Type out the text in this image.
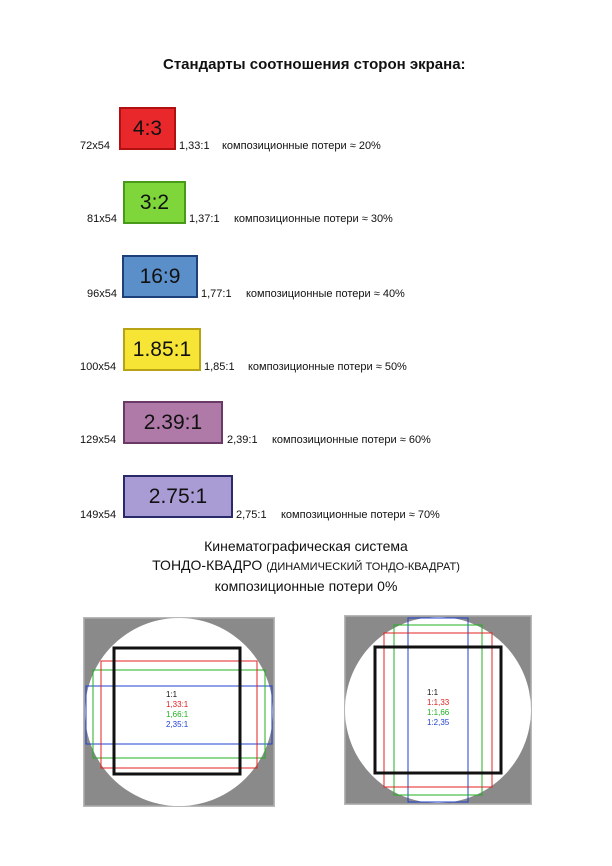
Стандарты соотношения сторон экрана:
72x54
4:3
1,33:1 композиционные потери ≈ 20%
81x54
3:2
1,37:1 композиционные потери ≈ 30%
96x54
16:9
1,77:1 композиционные потери ≈ 40%
100x54
1.85:1
1,85:1 композиционные потери ≈ 50%
129x54
2.39:1
2,39:1 композиционные потери ≈ 60%
149x54
2.75:1
2,75:1 композиционные потери ≈ 70%
Кинематографическая система
ТОНДО-КВАДРО (ДИНАМИЧЕСКИЙ ТОНДО-КВАДРАТ)
композиционные потери 0%
1:1
1,33:1
1,66:1
2,35:1
1:1
1:1,33
1:1,66
1:2,35
